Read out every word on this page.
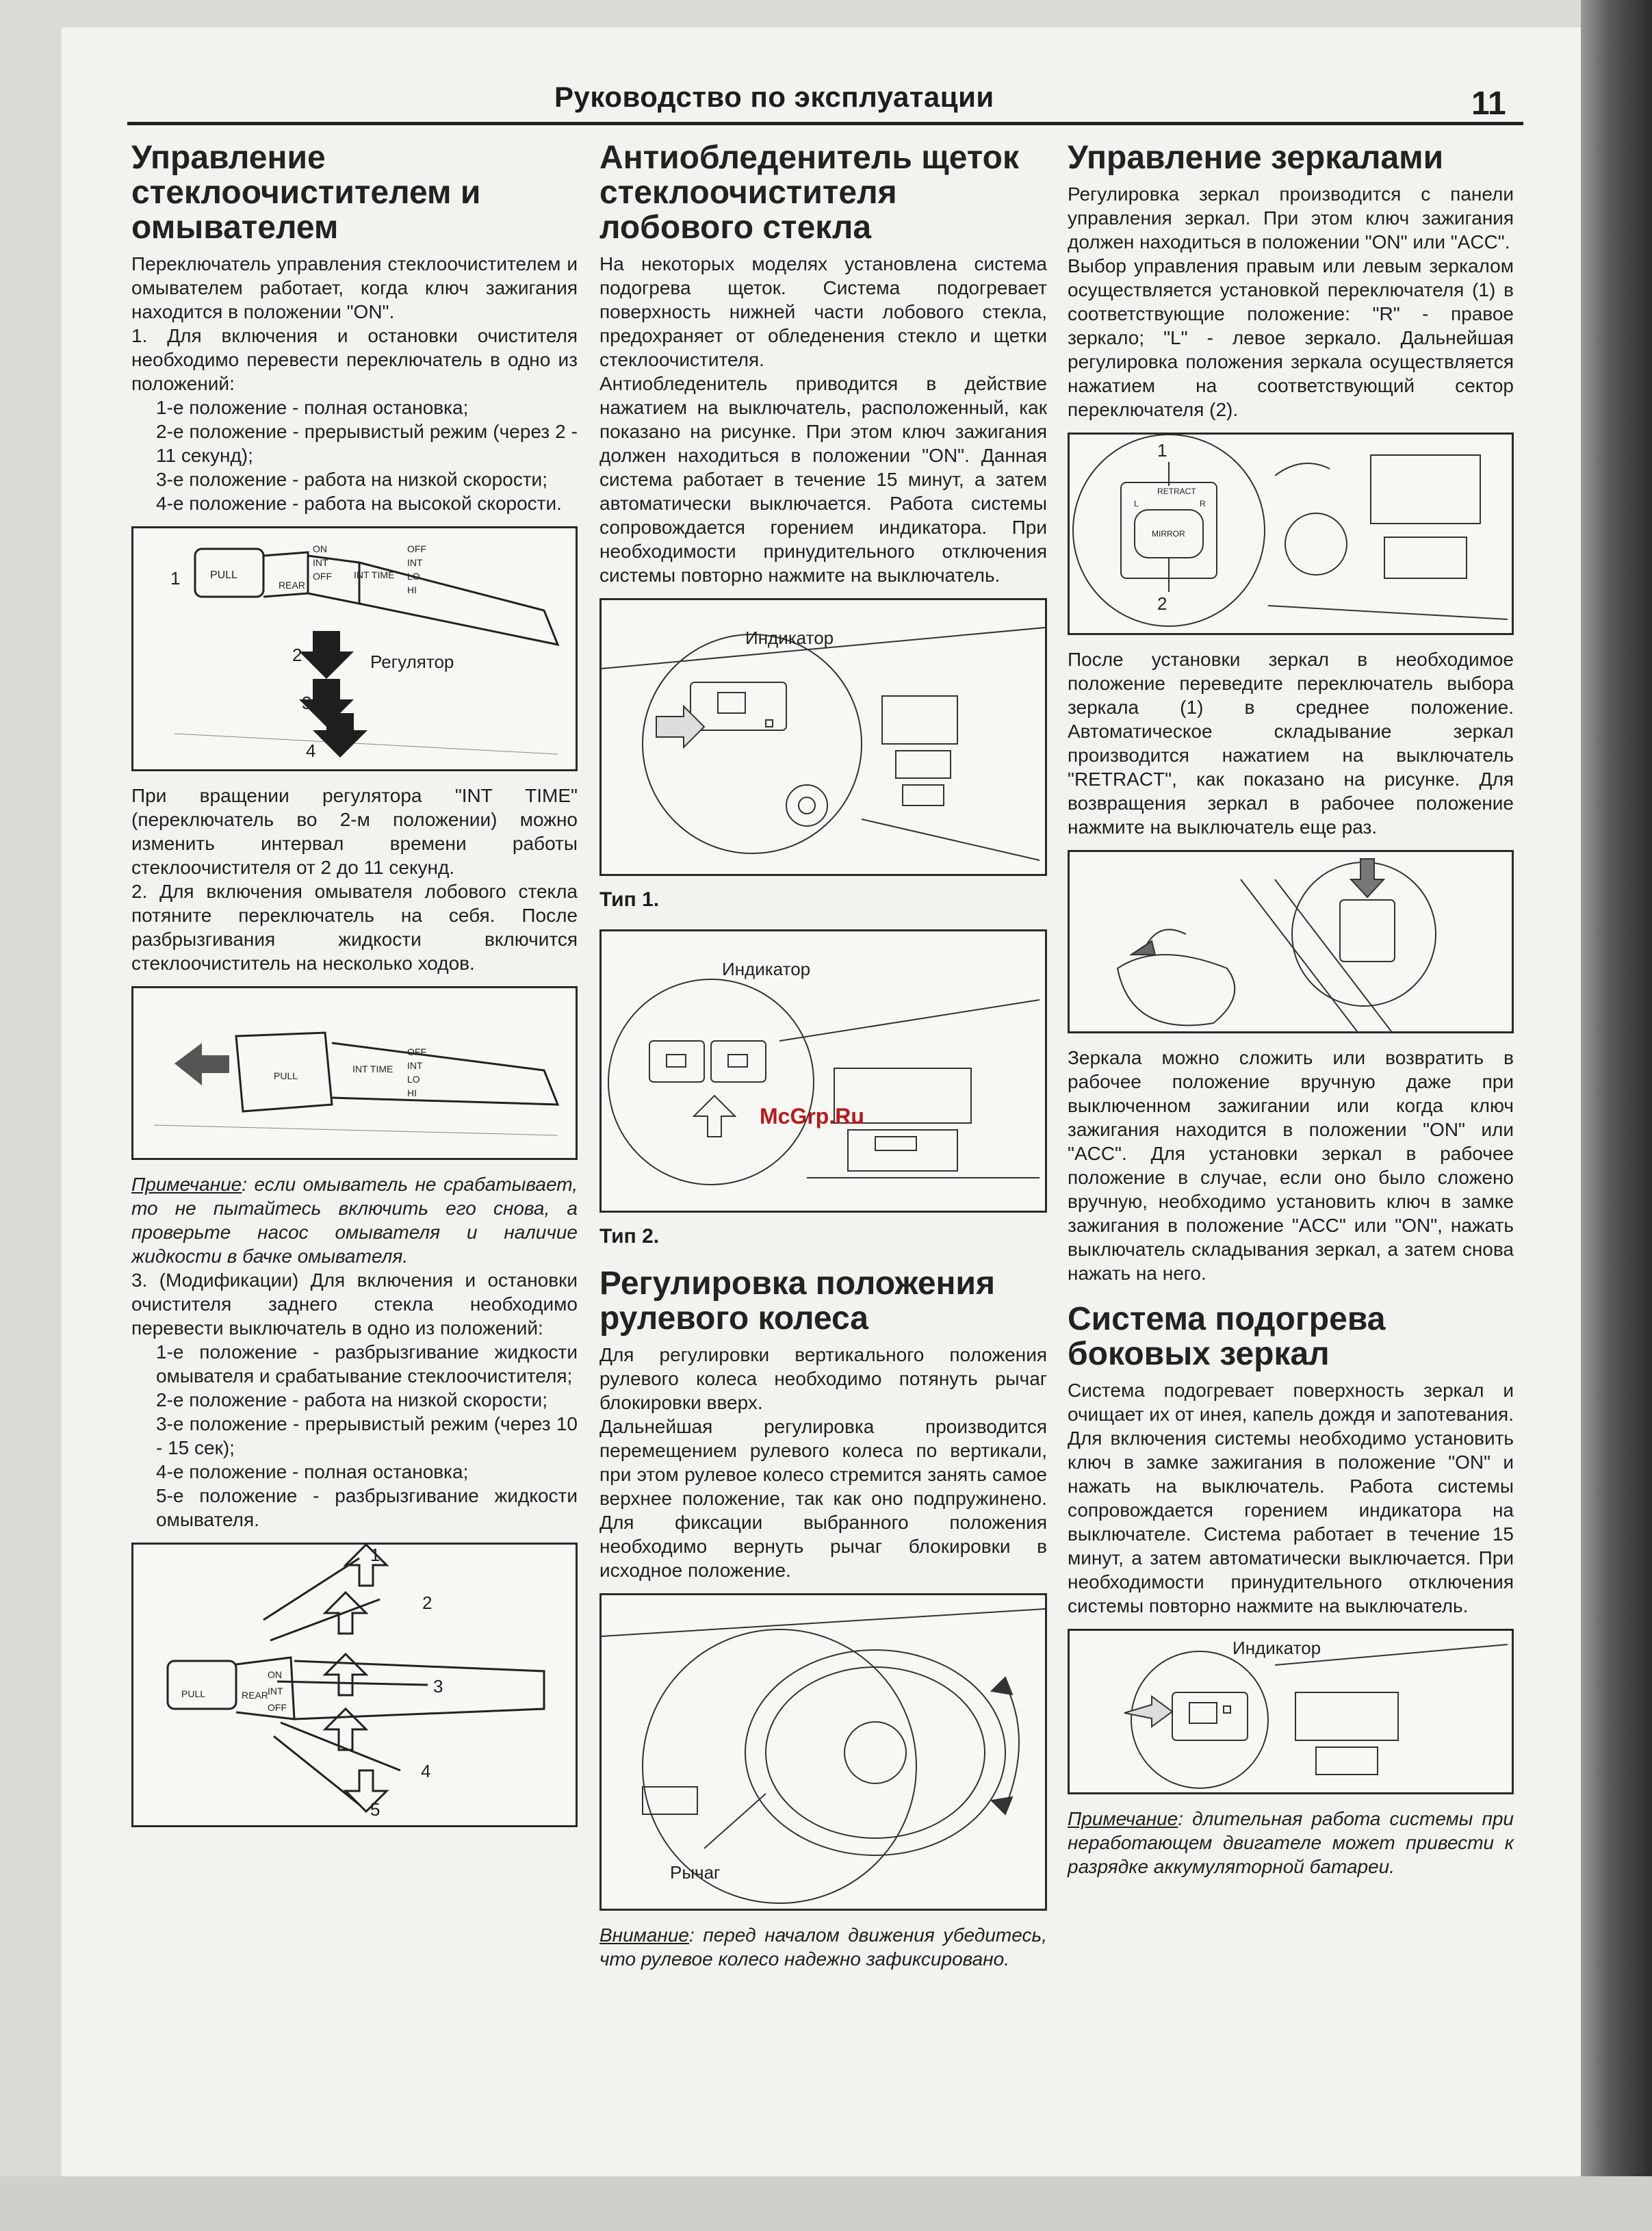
Руководство по эксплуатации	11
Управление стеклоочистителем и омывателем

Переключатель управления стеклоочистителем и омывателем работает, когда ключ зажигания находится в положении "ON".

1. Для включения и остановки очистителя необходимо перевести переключатель в одно из положений:

1-е положение - полная остановка;
2-е положение - прерывистый режим (через 2 - 11 секунд);
3-е положение - работа на низкой скорости;
4-е положение - работа на высокой скорости.
PULL
REAR
ON
INT
OFF INT TIME
OFF
INT
LO
HI
1
2
3
4
Регулятор

При вращении регулятора "INT TIME" (переключатель во 2-м положении) можно изменить интервал времени работы стеклоочистителя от 2 до 11 секунд.

2. Для включения омывателя лобового стекла потяните переключатель на себя. После разбрызгивания жидкости включится стеклоочиститель на несколько ходов.

PULL
INT TIME
OFF
INT
LO
HI

Примечание: если омыватель не срабатывает, то не пытайтесь включить его снова, а проверьте насос омывателя и наличие жидкости в бачке омывателя.

3. (Модификации) Для включения и остановки очистителя заднего стекла необходимо перевести выключатель в одно из положений:

1-е положение - разбрызгивание жидкости омывателя и срабатывание стеклоочистителя;
2-е положение - работа на низкой скорости;
3-е положение - прерывистый режим (через 10 - 15 сек);
4-е положение - полная остановка;
5-е положение - разбрызгивание жидкости омывателя.
PULL	REAR
ON
INT
OFF
1
2
3
4
5
Антиобледенитель щеток стеклоочистителя лобового стекла

На некоторых моделях установлена система подогрева щеток. Система подогревает поверхность нижней части лобового стекла, предохраняет от обледенения стекло и щетки стеклоочистителя.

Антиобледенитель приводится в действие нажатием на выключатель, расположенный, как показано на рисунке. При этом ключ зажигания должен находиться в положении "ON". Данная система работает в течение 15 минут, а затем автоматически выключается. Работа системы сопровождается горением индикатора. При необходимости принудительного отключения системы повторно нажмите на выключатель.

Индикатор
Тип 1.
Индикатор
Тип 2.
Регулировка положения рулевого колеса

Для регулировки вертикального положения рулевого колеса необходимо потянуть рычаг блокировки вверх.

Дальнейшая регулировка производится перемещением рулевого колеса по вертикали, при этом рулевое колесо стремится занять самое верхнее положение, так как оно подпружинено. Для фиксации выбранного положения необходимо вернуть рычаг блокировки в исходное положение.

Рычаг

Внимание: перед началом движения убедитесь, что рулевое колесо надежно зафиксировано.

Управление зеркалами

Регулировка зеркал производится с панели управления зеркал. При этом ключ зажигания должен находиться в положении "ON" или "ACC".

Выбор управления правым или левым зеркалом осуществляется установкой переключателя (1) в соответствующие положение: "R" - правое зеркало; "L" - левое зеркало. Дальнейшая регулировка положения зеркала осуществляется нажатием на соответствующий сектор переключателя (2).

1
2
RETRACT
L	R
MIRROR

После установки зеркал в необходимое положение переведите переключатель выбора зеркала (1) в среднее положение. Автоматическое складывание зеркал производится нажатием на выключатель "RETRACT", как показано на рисунке. Для возвращения зеркал в рабочее положение нажмите на выключатель еще раз.

Зеркала можно сложить или возвратить в рабочее положение вручную даже при выключенном зажигании или когда ключ зажигания находится в положении "ON" или "ACC". Для установки зеркал в рабочее положение в случае, если оно было сложено вручную, необходимо установить ключ в замке зажигания в положение "ACC" или "ON", нажать выключатель складывания зеркал, а затем снова нажать на него.

Система подогрева боковых зеркал

Система подогревает поверхность зеркал и очищает их от инея, капель дождя и запотевания. Для включения системы необходимо установить ключ в замке зажигания в положение "ON" и нажать на выключатель. Работа системы сопровождается горением индикатора на выключателе. Система работает в течение 15 минут, а затем автоматически выключается. При необходимости принудительного отключения системы повторно нажмите на выключатель.

Индикатор

Примечание: длительная работа системы при неработающем двигателе может привести к разрядке аккумуляторной батареи.

McGrp.Ru
